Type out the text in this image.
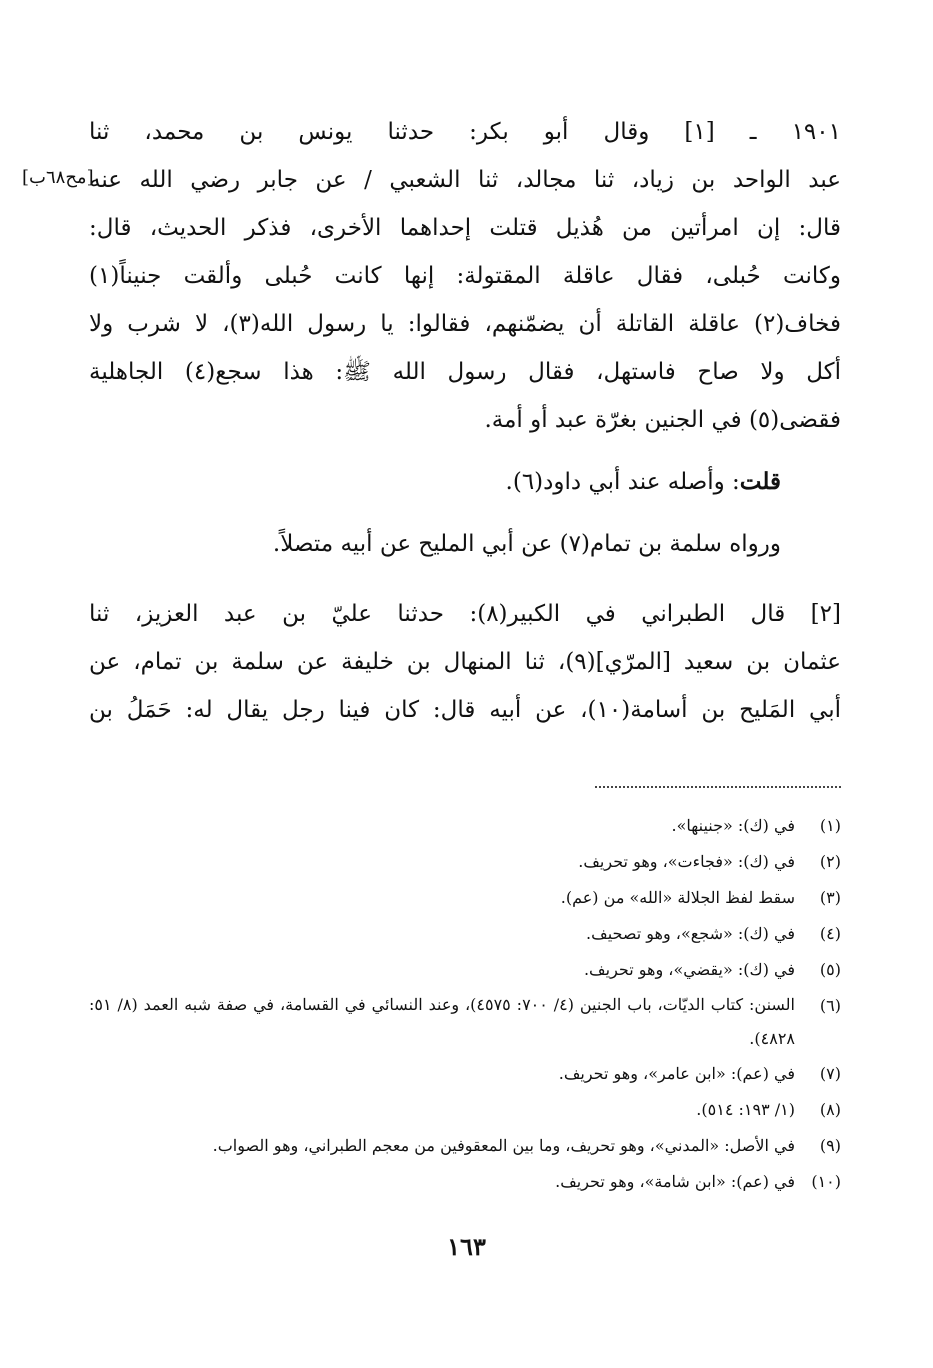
[مح٦٨ب]
١٩٠١ ـ [١] وقال أبو بكر: حدثنا يونس بن محمد، ثنا
عبد الواحد بن زياد، ثنا مجالد، ثنا الشعبي / عن جابر رضي الله عنه
قال: إن امرأتين من هُذيل قتلت إحداهما الأخرى، فذكر الحديث، قال:
وكانت حُبلى، فقال عاقلة المقتولة: إنها كانت حُبلى وألقت جنيناً(١)
فخاف(٢) عاقلة القاتلة أن يضمّنهم، فقالوا: يا رسول الله(٣)، لا شرب ولا
أكل ولا صاح فاستهل، فقال رسول الله ﷺ: هذا سجع(٤) الجاهلية
فقضى(٥) في الجنين بغرّة عبد أو أمة.
قلت: وأصله عند أبي داود(٦).
ورواه سلمة بن تمام(٧) عن أبي المليح عن أبيه متصلاً.
[٢] قال الطبراني في الكبير(٨): حدثنا عليّ بن عبد العزيز، ثنا
عثمان بن سعيد [المرّي](٩)، ثنا المنهال بن خليفة عن سلمة بن تمام، عن
أبي المَليح بن أسامة(١٠)، عن أبيه قال: كان فينا رجل يقال له: حَمَلُ بن
(١)
في (ك): «جنينها».
(٢)
في (ك): «فجاءت»، وهو تحريف.
(٣)
سقط لفظ الجلالة «الله» من (عم).
(٤)
في (ك): «شجع»، وهو تصحيف.
(٥)
في (ك): «يقضي»، وهو تحريف.
(٦)
السنن: كتاب الديّات، باب الجنين (٤/ ٧٠٠: ٤٥٧٥)، وعند النسائي في القسامة، في صفة شبه العمد (٨/ ٥١: ٤٨٢٨).
(٧)
في (عم): «ابن عامر»، وهو تحريف.
(٨)
(١/ ١٩٣: ٥١٤).
(٩)
في الأصل: «المدني»، وهو تحريف، وما بين المعقوفين من معجم الطبراني، وهو الصواب.
(١٠)
في (عم): «ابن شامة»، وهو تحريف.
١٦٣
